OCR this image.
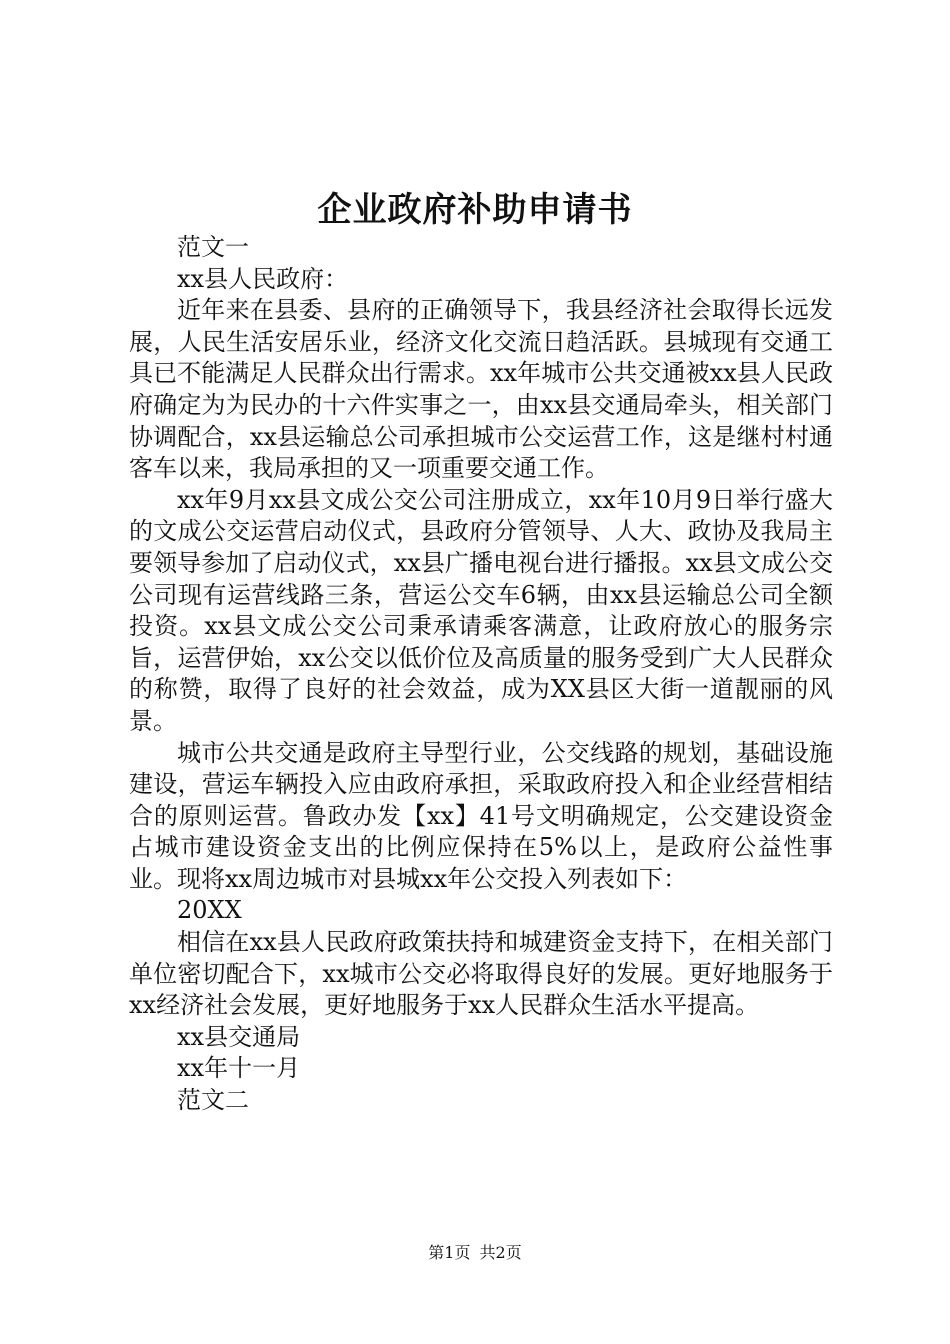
企业政府补助申请书

范文一

xx县人民政府：

近年来在县委、县府的正确领导下，我县经济社会取得长远发展，人民生活安居乐业，经济文化交流日趋活跃。县城现有交通工具已不能满足人民群众出行需求。xx年城市公共交通被xx县人民政府确定为为民办的十六件实事之一，由xx县交通局牵头，相关部门协调配合，xx县运输总公司承担城市公交运营工作，这是继村村通客车以来，我局承担的又一项重要交通工作。

xx年9月xx县文成公交公司注册成立，xx年10月9日举行盛大的文成公交运营启动仪式，县政府分管领导、人大、政协及我局主要领导参加了启动仪式，xx县广播电视台进行播报。xx县文成公交公司现有运营线路三条，营运公交车6辆，由xx县运输总公司全额投资。xx县文成公交公司秉承请乘客满意，让政府放心的服务宗旨，运营伊始，xx公交以低价位及高质量的服务受到广大人民群众的称赞，取得了良好的社会效益，成为XX县区大街一道靓丽的风景。

城市公共交通是政府主导型行业，公交线路的规划，基础设施建设，营运车辆投入应由政府承担，采取政府投入和企业经营相结合的原则运营。鲁政办发【xx】41号文明确规定，公交建设资金占城市建设资金支出的比例应保持在5%以上，是政府公益性事业。现将xx周边城市对县城xx年公交投入列表如下：

20XX

相信在xx县人民政府政策扶持和城建资金支持下，在相关部门单位密切配合下，xx城市公交必将取得良好的发展。更好地服务于xx经济社会发展，更好地服务于xx人民群众生活水平提高。

xx县交通局

xx年十一月

范文二

第1页 共2页
